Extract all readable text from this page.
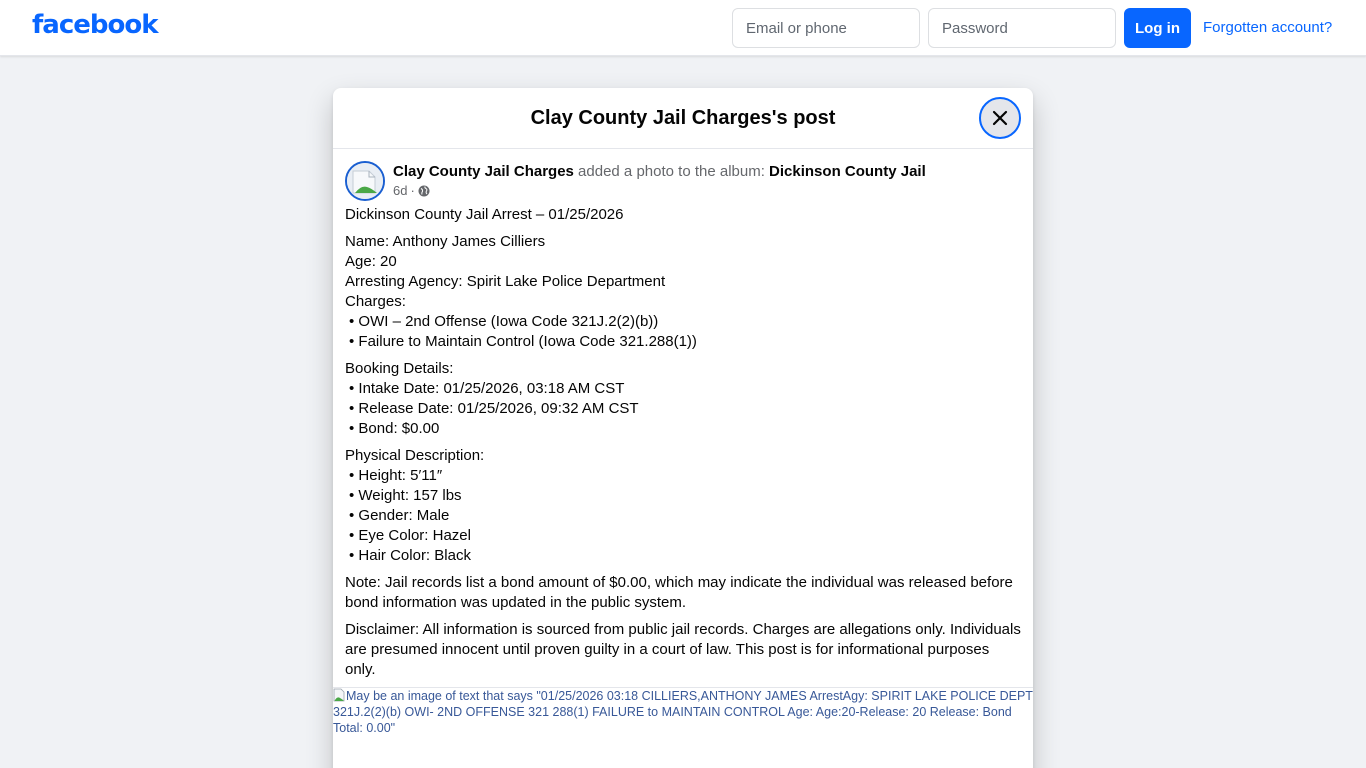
facebook
Email or phone	Log in	Forgotten account?
Clay County Jail Charges's post
Clay County Jail Charges added a photo to the album: Dickinson County Jail
6d ·
Dickinson County Jail Arrest – 01/25/2026
Name: Anthony James Cilliers
Age: 20
Arresting Agency: Spirit Lake Police Department
Charges:
• OWI – 2nd Offense (Iowa Code 321J.2(2)(b))
• Failure to Maintain Control (Iowa Code 321.288(1))
Booking Details:
• Intake Date: 01/25/2026, 03:18 AM CST
• Release Date: 01/25/2026, 09:32 AM CST
• Bond: $0.00
Physical Description:
• Height: 5′11″
• Weight: 157 lbs
• Gender: Male
• Eye Color: Hazel
• Hair Color: Black
Note: Jail records list a bond amount of $0.00, which may indicate the individual was released before bond information was updated in the public system.
Disclaimer: All information is sourced from public jail records. Charges are allegations only. Individuals are presumed innocent until proven guilty in a court of law. This post is for informational purposes only.
May be an image of text that says "01/25/2026 03:18 CILLIERS,ANTHONY JAMES ArrestAgy: SPIRIT LAKE POLICE DEPT 321J.2(2)(b) OWI- 2ND OFFENSE 321 288(1) FAILURE to MAINTAIN CONTROL Age: Age:20-Release: 20 Release: Bond Total: 0.00"
